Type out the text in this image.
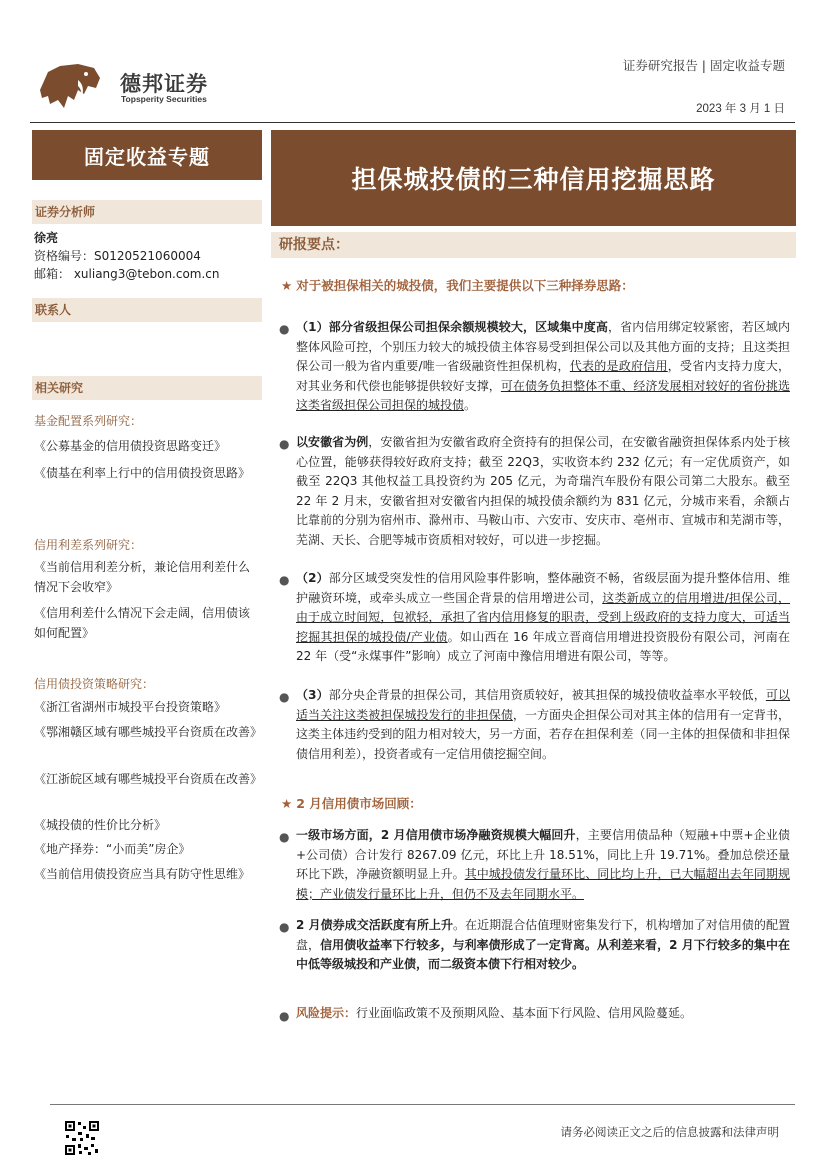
德邦证券
Topsperity Securities
证券研究报告 | 固定收益专题
2023 年 3 月 1 日
固定收益专题
担保城投债的三种信用挖掘思路
证券分析师
徐亮
资格编号：S0120521060004
邮箱： xuliang3@tebon.com.cn
联系人
相关研究
基金配置系列研究：
《公募基金的信用债投资思路变迁》
《债基在利率上行中的信用债投资思路》
信用利差系列研究：
《当前信用利差分析，兼论信用利差什么情况下会收窄》
《信用利差什么情况下会走阔，信用债该如何配置》
信用债投资策略研究：
《浙江省湖州市城投平台投资策略》
《鄂湘赣区域有哪些城投平台资质在改善》
《江浙皖区域有哪些城投平台资质在改善》
《城投债的性价比分析》
《地产择券：“小而美”房企》
《当前信用债投资应当具有防守性思维》
研报要点：
★ 对于被担保相关的城投债，我们主要提供以下三种择券思路：
● （1）部分省级担保公司担保余额规模较大，区域集中度高，省内信用绑定较紧密，若区域内整体风险可控，个别压力较大的城投债主体容易受到担保公司以及其他方面的支持；且这类担保公司一般为省内重要/唯一省级融资性担保机构，代表的是政府信用，受省内支持力度大，对其业务和代偿也能够提供较好支撑，可在债务负担整体不重、经济发展相对较好的省份挑选这类省级担保公司担保的城投债。
● 以安徽省为例，安徽省担为安徽省政府全资持有的担保公司，在安徽省融资担保体系内处于核心位置，能够获得较好政府支持；截至 22Q3，实收资本约 232 亿元；有一定优质资产，如截至 22Q3 其他权益工具投资约为 205 亿元，为奇瑞汽车股份有限公司第二大股东。截至 22 年 2 月末，安徽省担对安徽省内担保的城投债余额约为 831 亿元，分城市来看，余额占比靠前的分别为宿州市、滁州市、马鞍山市、六安市、安庆市、亳州市、宣城市和芜湖市等，芜湖、天长、合肥等城市资质相对较好，可以进一步挖掘。
● （2）部分区域受突发性的信用风险事件影响，整体融资不畅，省级层面为提升整体信用、维护融资环境，或牵头成立一些国企背景的信用增进公司，这类新成立的信用增进/担保公司，由于成立时间短，包袱轻，承担了省内信用修复的职责，受到上级政府的支持力度大，可适当挖掘其担保的城投债/产业债。如山西在 16 年成立晋商信用增进投资股份有限公司，河南在 22 年（受“永煤事件”影响）成立了河南中豫信用增进有限公司，等等。
● （3）部分央企背景的担保公司，其信用资质较好，被其担保的城投债收益率水平较低，可以适当关注这类被担保城投发行的非担保债，一方面央企担保公司对其主体的信用有一定背书，这类主体违约受到的阻力相对较大，另一方面，若存在担保利差（同一主体的担保债和非担保债信用利差），投资者或有一定信用债挖掘空间。
★ 2 月信用债市场回顾：
● 一级市场方面，2 月信用债市场净融资规模大幅回升，主要信用债品种（短融+中票+企业债+公司债）合计发行 8267.09 亿元，环比上升 18.51%，同比上升 19.71%。叠加总偿还量环比下跌，净融资额明显上升。其中城投债发行量环比、同比均上升，已大幅超出去年同期规模；产业债发行量环比上升，但仍不及去年同期水平。
● 2 月债券成交活跃度有所上升。在近期混合估值理财密集发行下，机构增加了对信用债的配置盘，信用债收益率下行较多，与利率债形成了一定背离。从利差来看，2 月下行较多的集中在中低等级城投和产业债，而二级资本债下行相对较少。
● 风险提示：行业面临政策不及预期风险、基本面下行风险、信用风险蔓延。
请务必阅读正文之后的信息披露和法律声明
